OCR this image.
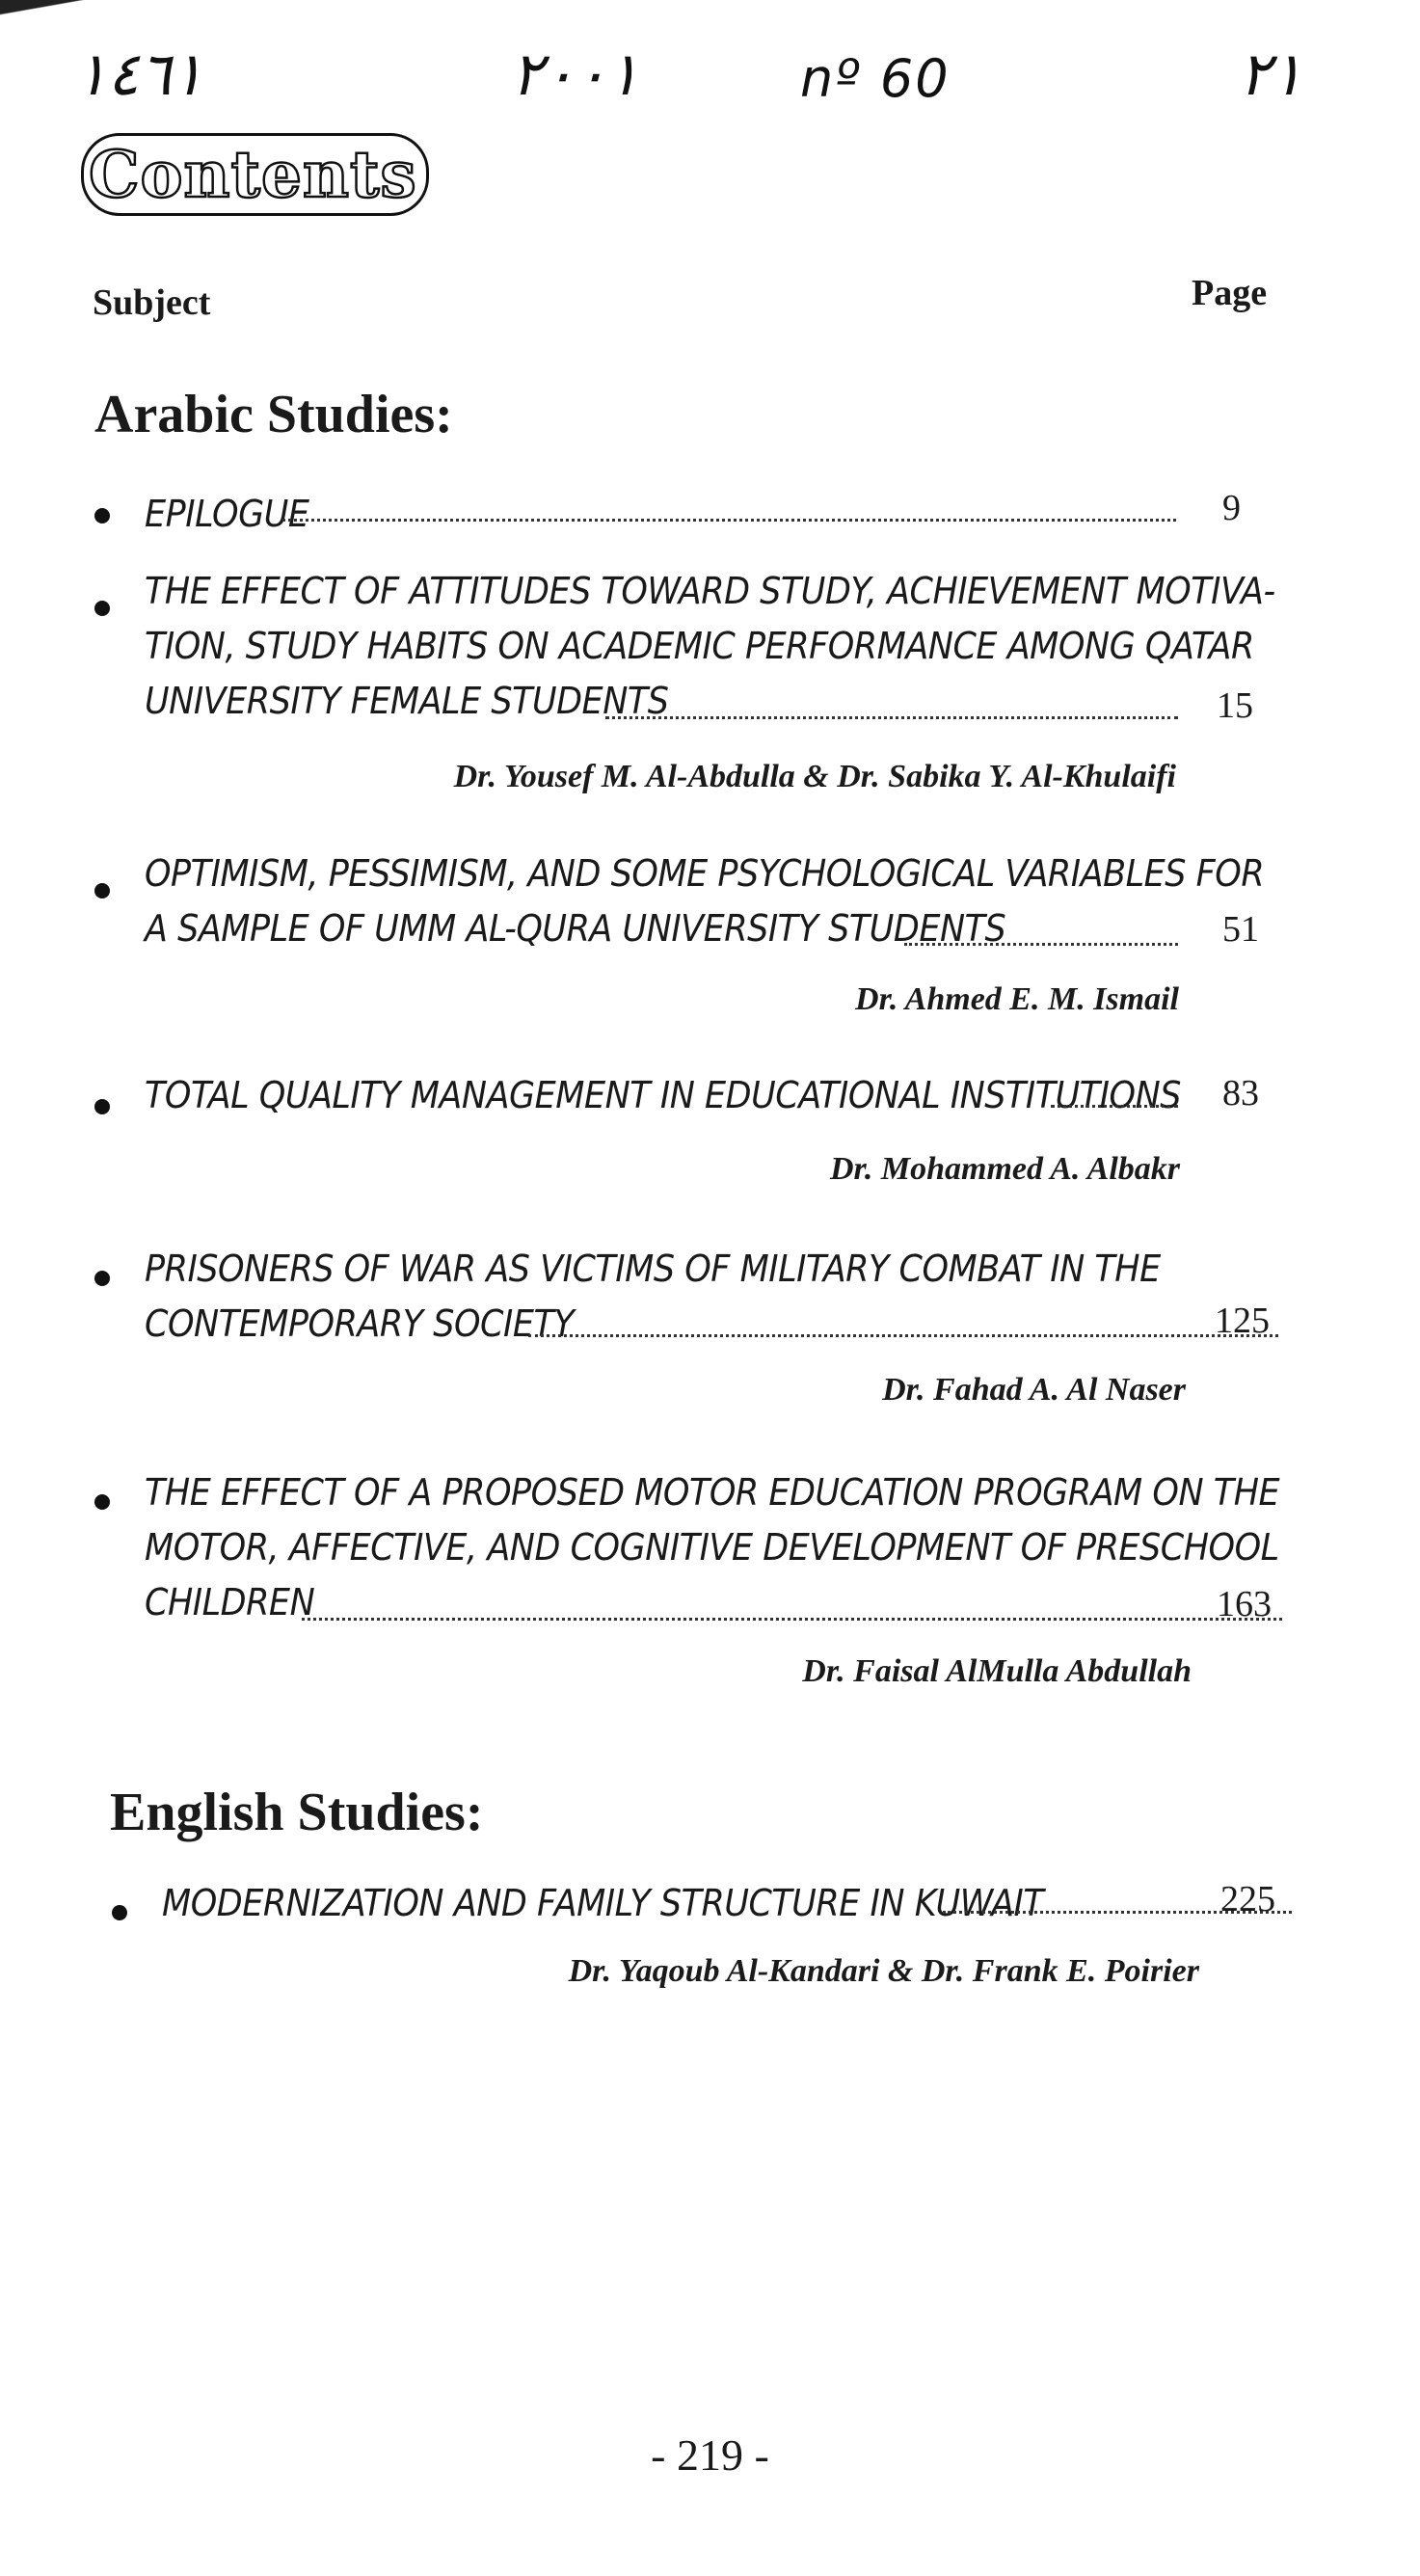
١٤٦١	٢٠٠١	nº 60	٢١
Contents
Subject	Page
Arabic Studies:
EPILOGUE	9
THE EFFECT OF ATTITUDES TOWARD STUDY, ACHIEVEMENT MOTIVA-
TION, STUDY HABITS ON ACADEMIC PERFORMANCE AMONG QATAR
UNIVERSITY FEMALE STUDENTS	15
Dr. Yousef M. Al-Abdulla & Dr. Sabika Y. Al-Khulaifi
OPTIMISM, PESSIMISM, AND SOME PSYCHOLOGICAL VARIABLES FOR
A SAMPLE OF UMM AL-QURA UNIVERSITY STUDENTS	51
Dr. Ahmed E. M. Ismail
TOTAL QUALITY MANAGEMENT IN EDUCATIONAL INSTITUTIONS 83
Dr. Mohammed A. Albakr
PRISONERS OF WAR AS VICTIMS OF MILITARY COMBAT IN THE
CONTEMPORARY SOCIETY	125
Dr. Fahad A. Al Naser
THE EFFECT OF A PROPOSED MOTOR EDUCATION PROGRAM ON THE
MOTOR, AFFECTIVE, AND COGNITIVE DEVELOPMENT OF PRESCHOOL
CHILDREN	163
Dr. Faisal AlMulla Abdullah
English Studies:
MODERNIZATION AND FAMILY STRUCTURE IN KUWAIT	225
Dr. Yaqoub Al-Kandari & Dr. Frank E. Poirier
- 219 -
